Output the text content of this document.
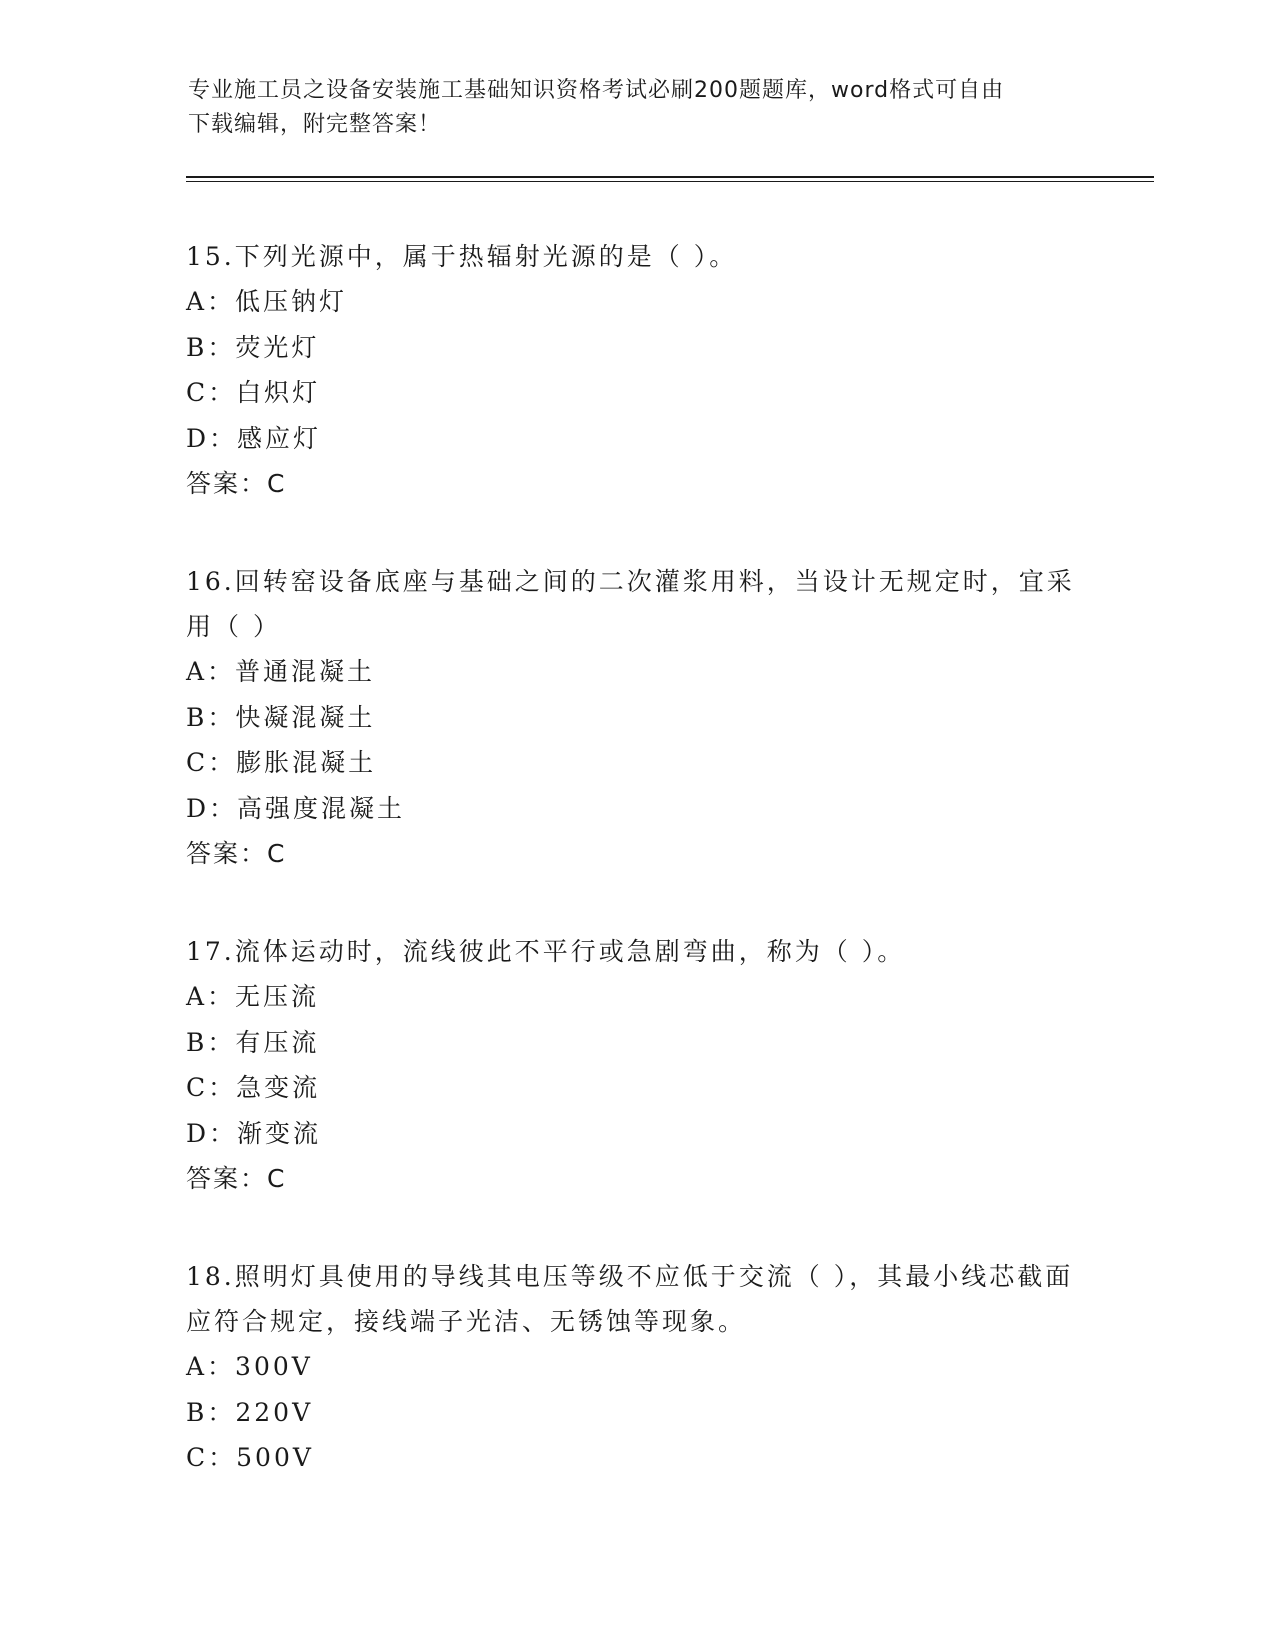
专业施工员之设备安装施工基础知识资格考试必刷200题题库，word格式可自由
下载编辑，附完整答案！

15.下列光源中，属于热辐射光源的是（ ）。

A：低压钠灯

B：荧光灯

C：白炽灯

D：感应灯

答案：C

16.回转窑设备底座与基础之间的二次灌浆用料，当设计无规定时，宜采用（ ）

A：普通混凝土

B：快凝混凝土

C：膨胀混凝土

D：高强度混凝土

答案：C

17.流体运动时，流线彼此不平行或急剧弯曲，称为（ ）。

A：无压流

B：有压流

C：急变流

D：渐变流

答案：C

18.照明灯具使用的导线其电压等级不应低于交流（ ），其最小线芯截面应符合规定，接线端子光洁、无锈蚀等现象。

A：300V

B：220V

C：500V
